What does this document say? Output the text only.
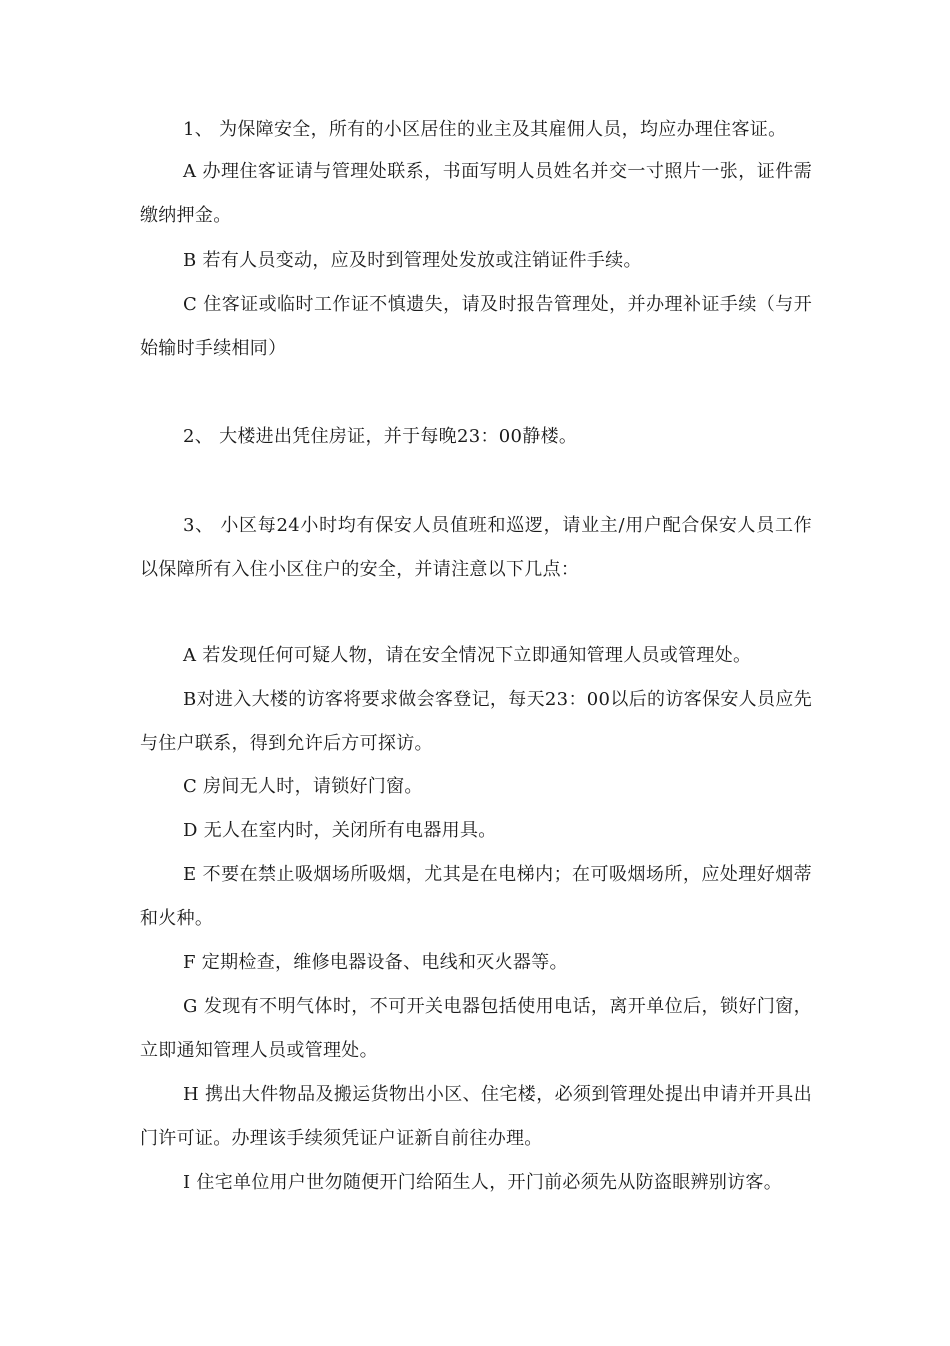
1、 为保障安全，所有的小区居住的业主及其雇佣人员，均应办理住客证。

A 办理住客证请与管理处联系，书面写明人员姓名并交一寸照片一张，证件需缴纳押金。

B 若有人员变动，应及时到管理处发放或注销证件手续。

C 住客证或临时工作证不慎遗失，请及时报告管理处，并办理补证手续（与开始输时手续相同）

2、 大楼进出凭住房证，并于每晚23：00静楼。

3、 小区每24小时均有保安人员值班和巡逻，请业主/用户配合保安人员工作以保障所有入住小区住户的安全，并请注意以下几点：

A 若发现任何可疑人物，请在安全情况下立即通知管理人员或管理处。

B对进入大楼的访客将要求做会客登记，每天23：00以后的访客保安人员应先与住户联系，得到允许后方可探访。

C 房间无人时，请锁好门窗。

D 无人在室内时，关闭所有电器用具。

E 不要在禁止吸烟场所吸烟，尤其是在电梯内；在可吸烟场所，应处理好烟蒂和火种。

F 定期检查，维修电器设备、电线和灭火器等。

G 发现有不明气体时，不可开关电器包括使用电话，离开单位后，锁好门窗，立即通知管理人员或管理处。

H 携出大件物品及搬运货物出小区、住宅楼，必须到管理处提出申请并开具出门许可证。办理该手续须凭证户证新自前往办理。

I 住宅单位用户世勿随便开门给陌生人，开门前必须先从防盗眼辨别访客。
